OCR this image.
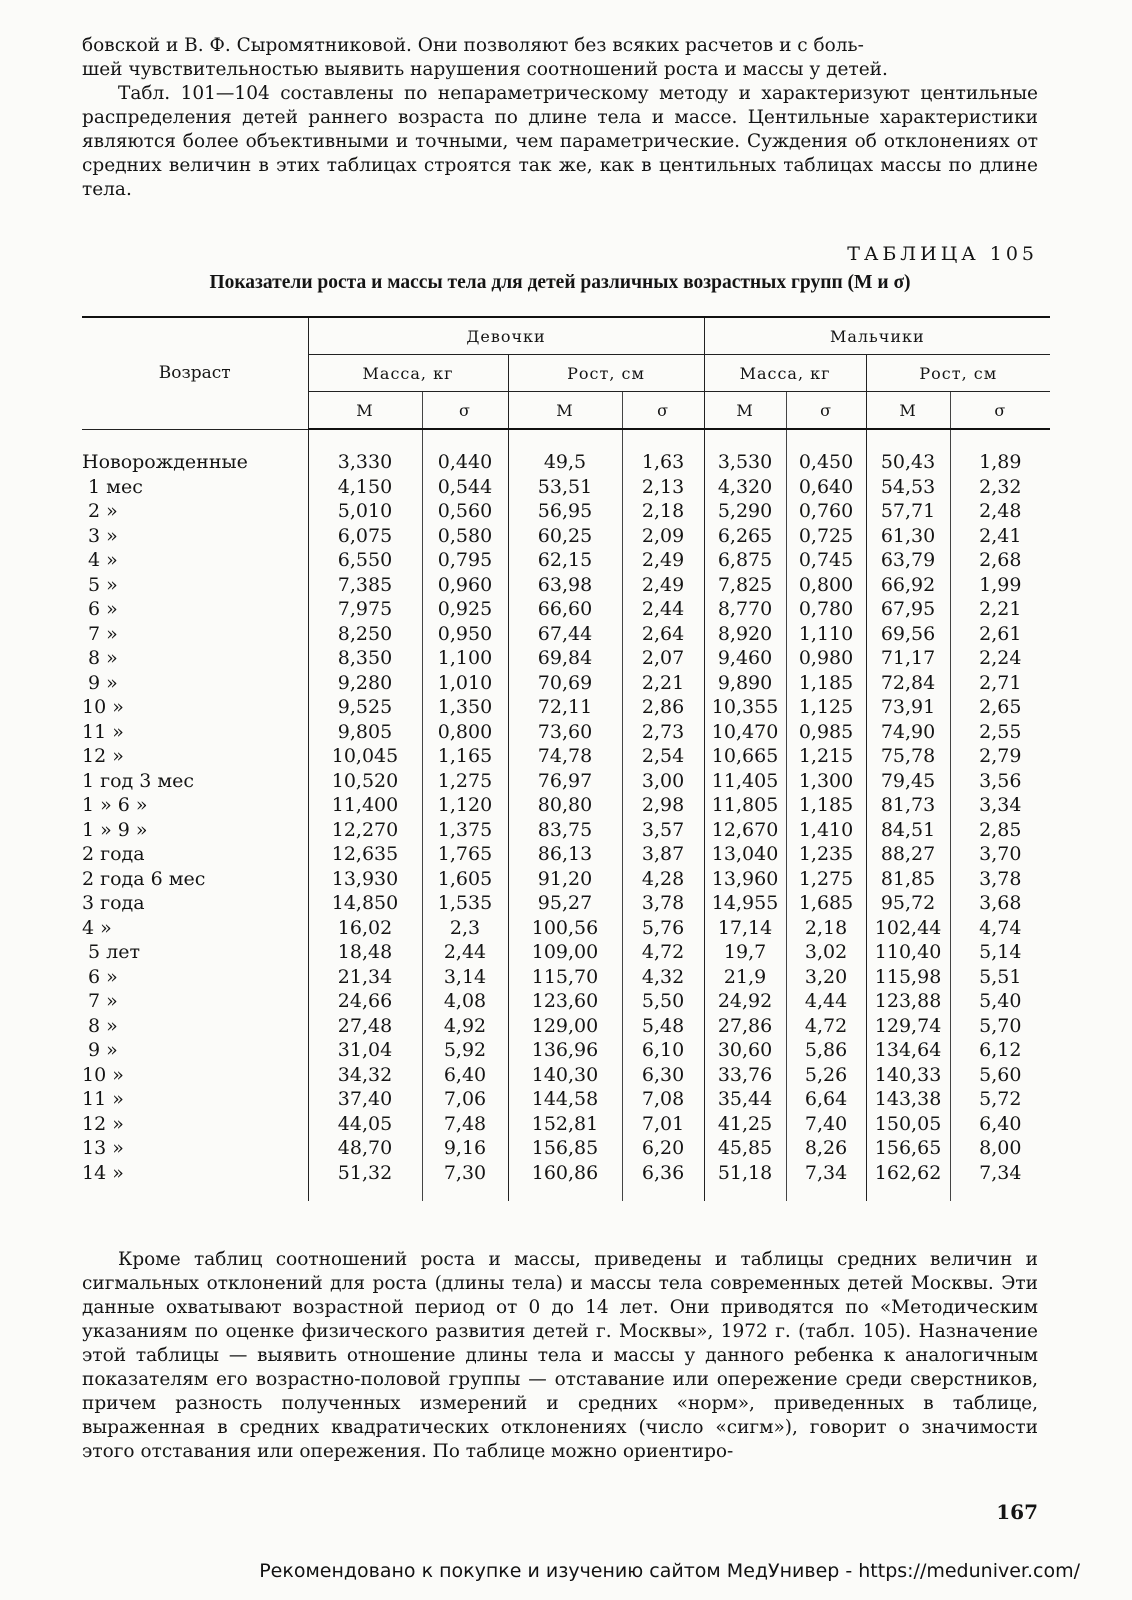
бовской и В. Ф. Сыромятниковой. Они позволяют без всяких расчетов и с боль-
шей чувствительностью выявить нарушения соотношений роста и массы у детей.
Табл. 101—104 составлены по непараметрическому методу и характеризуют центильные распределения детей раннего возраста по длине тела и массе. Центильные характеристики являются более объективными и точными, чем параметрические. Суждения об отклонениях от средних величин в этих таблицах строятся так же, как в центильных таблицах массы по длине тела.

ТАБЛИЦА 105
Показатели роста и массы тела для детей различных возрастных групп (M и σ)
Возраст	Девочки				Мальчики			
	Масса, кг		Рост, см		Масса, кг		Рост, см	
	M	σ	M	σ	M	σ	M	σ

Новорожденные	3,330	0,440	49,5	1,63	3,530	0,450	50,43	1,89
1 мес	4,150	0,544	53,51	2,13	4,320	0,640	54,53	2,32
2 »	5,010	0,560	56,95	2,18	5,290	0,760	57,71	2,48
3 »	6,075	0,580	60,25	2,09	6,265	0,725	61,30	2,41
4 »	6,550	0,795	62,15	2,49	6,875	0,745	63,79	2,68
5 »	7,385	0,960	63,98	2,49	7,825	0,800	66,92	1,99
6 »	7,975	0,925	66,60	2,44	8,770	0,780	67,95	2,21
7 »	8,250	0,950	67,44	2,64	8,920	1,110	69,56	2,61
8 »	8,350	1,100	69,84	2,07	9,460	0,980	71,17	2,24
9 »	9,280	1,010	70,69	2,21	9,890	1,185	72,84	2,71
10 »	9,525	1,350	72,11	2,86	10,355	1,125	73,91	2,65
11 »	9,805	0,800	73,60	2,73	10,470	0,985	74,90	2,55
12 »	10,045	1,165	74,78	2,54	10,665	1,215	75,78	2,79
1 год 3 мес	10,520	1,275	76,97	3,00	11,405	1,300	79,45	3,56
1 » 6 »	11,400	1,120	80,80	2,98	11,805	1,185	81,73	3,34
1 » 9 »	12,270	1,375	83,75	3,57	12,670	1,410	84,51	2,85
2 года	12,635	1,765	86,13	3,87	13,040	1,235	88,27	3,70
2 года 6 мес	13,930	1,605	91,20	4,28	13,960	1,275	81,85	3,78
3 года	14,850	1,535	95,27	3,78	14,955	1,685	95,72	3,68
4 »	16,02	2,3	100,56	5,76	17,14	2,18	102,44	4,74
5 лет	18,48	2,44	109,00	4,72	19,7	3,02	110,40	5,14
6 »	21,34	3,14	115,70	4,32	21,9	3,20	115,98	5,51
7 »	24,66	4,08	123,60	5,50	24,92	4,44	123,88	5,40
8 »	27,48	4,92	129,00	5,48	27,86	4,72	129,74	5,70
9 »	31,04	5,92	136,96	6,10	30,60	5,86	134,64	6,12
10 »	34,32	6,40	140,30	6,30	33,76	5,26	140,33	5,60
11 »	37,40	7,06	144,58	7,08	35,44	6,64	143,38	5,72
12 »	44,05	7,48	152,81	7,01	41,25	7,40	150,05	6,40
13 »	48,70	9,16	156,85	6,20	45,85	8,26	156,65	8,00
14 »	51,32	7,30	160,86	6,36	51,18	7,34	162,62	7,34

Кроме таблиц соотношений роста и массы, приведены и таблицы средних величин и сигмальных отклонений для роста (длины тела) и массы тела современных детей Москвы. Эти данные охватывают возрастной период от 0 до 14 лет. Они приводятся по «Методическим указаниям по оценке физического развития детей г. Москвы», 1972 г. (табл. 105). Назначение этой таблицы — выявить отношение длины тела и массы у данного ребенка к аналогичным показателям его возрастно-половой группы — отставание или опережение среди сверстников, причем разность полученных измерений и средних «норм», приведенных в таблице, выраженная в средних квадратических отклонениях (число «сигм»), говорит о значимости этого отставания или опережения. По таблице можно ориентиро-

167
Рекомендовано к покупке и изучению сайтом МедУнивер - https://meduniver.com/
